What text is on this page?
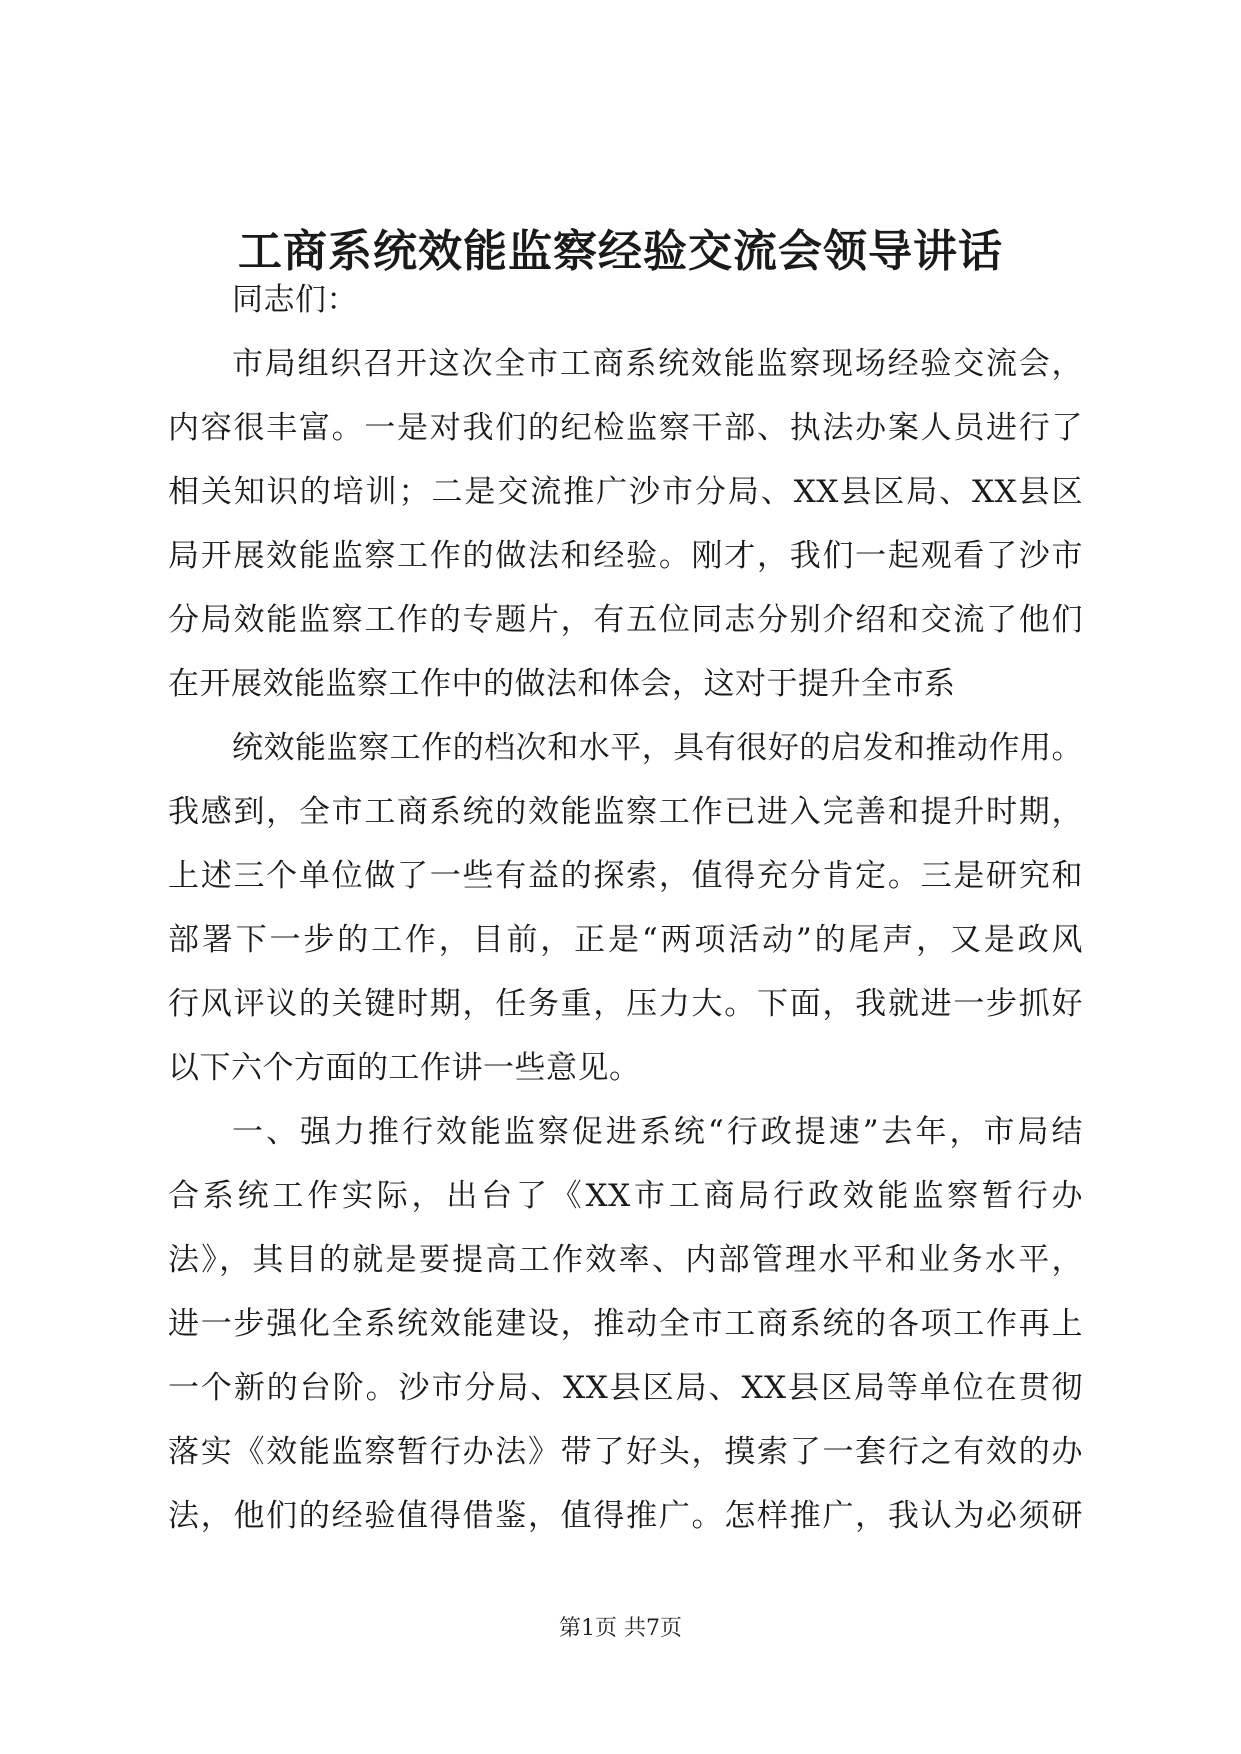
工商系统效能监察经验交流会领导讲话
同志们：
市局组织召开这次全市工商系统效能监察现场经验交流会，
内容很丰富。一是对我们的纪检监察干部、执法办案人员进行了
相关知识的培训；二是交流推广沙市分局、XX县区局、XX县区
局开展效能监察工作的做法和经验。刚才，我们一起观看了沙市
分局效能监察工作的专题片，有五位同志分别介绍和交流了他们
在开展效能监察工作中的做法和体会，这对于提升全市系
统效能监察工作的档次和水平，具有很好的启发和推动作用。
我感到，全市工商系统的效能监察工作已进入完善和提升时期，
上述三个单位做了一些有益的探索，值得充分肯定。三是研究和
部署下一步的工作，目前，正是“两项活动”的尾声，又是政风
行风评议的关键时期，任务重，压力大。下面，我就进一步抓好
以下六个方面的工作讲一些意见。
一、强力推行效能监察促进系统“行政提速”去年，市局结
合系统工作实际，出台了《XX市工商局行政效能监察暂行办
法》，其目的就是要提高工作效率、内部管理水平和业务水平，
进一步强化全系统效能建设，推动全市工商系统的各项工作再上
一个新的台阶。沙市分局、XX县区局、XX县区局等单位在贯彻
落实《效能监察暂行办法》带了好头，摸索了一套行之有效的办
法，他们的经验值得借鉴，值得推广。怎样推广，我认为必须研
第1页 共7页
